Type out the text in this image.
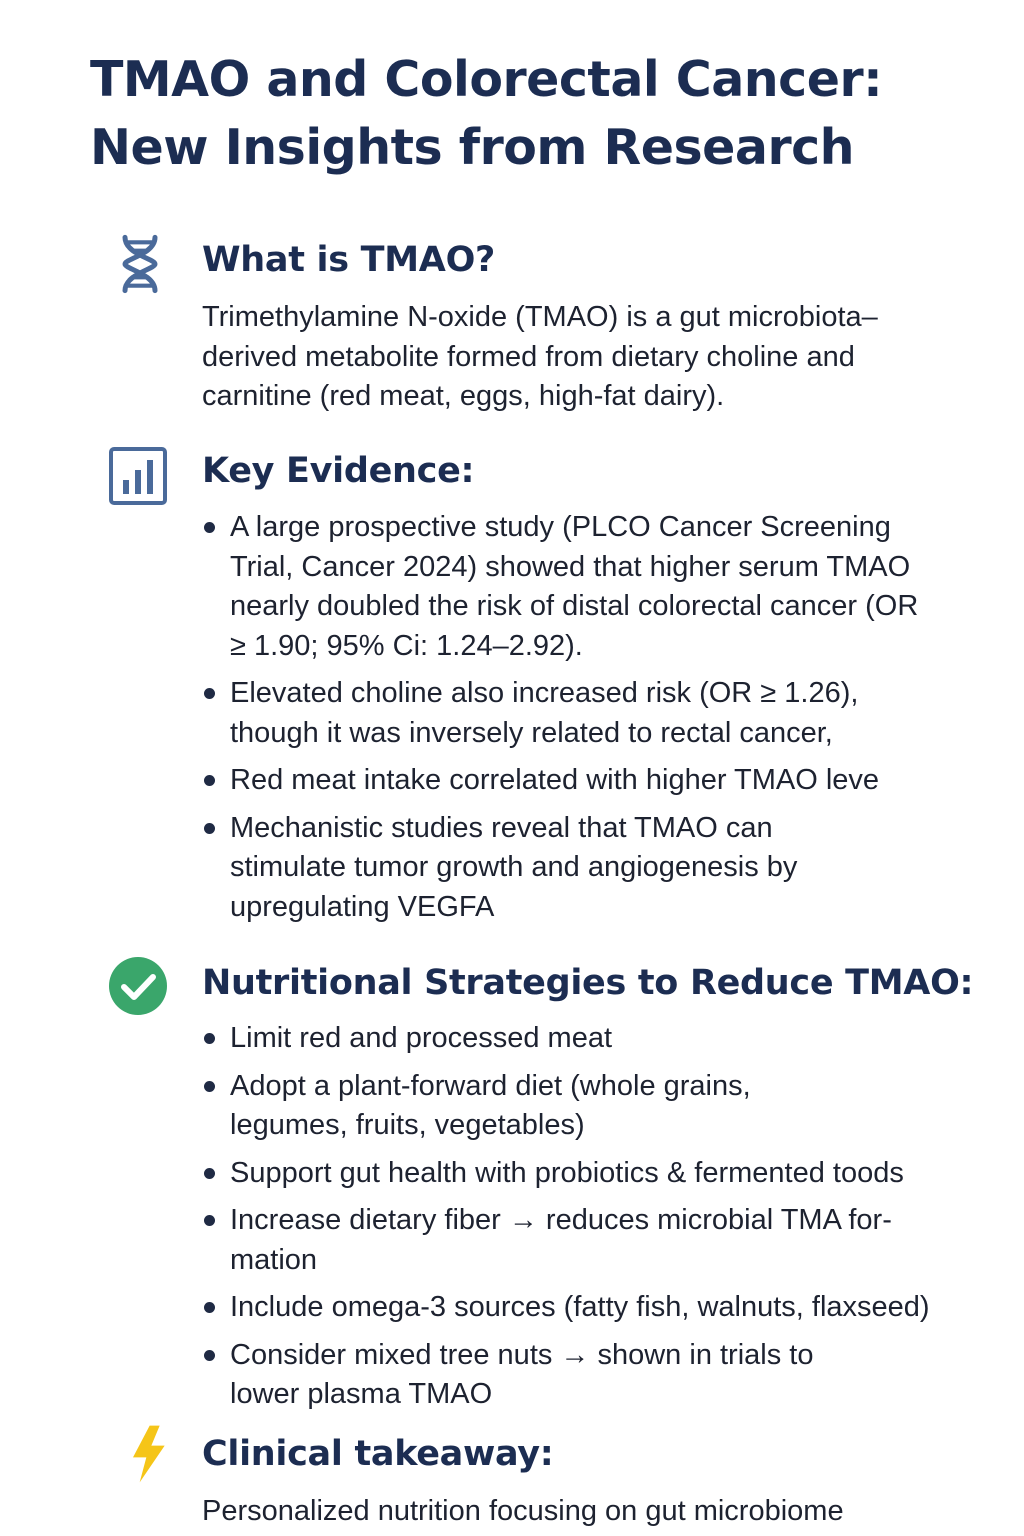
TMAO and Colorectal Cancer: New Insights from Research
What is TMAO?

Trimethylamine N-oxide (TMAO) is a gut microbiota–derived metabolite formed from dietary choline and carnitine (red meat, eggs, high-fat dairy).

Key Evidence:
A large prospective study (PLCO Cancer Screening Trial, Cancer 2024) showed that higher serum TMAO nearly doubled the risk of distal colorectal cancer (OR ≥ 1.90; 95% Ci: 1.24–2.92).
Elevated choline also increased risk (OR ≥ 1.26), though it was inversely related to rectal cancer,
Red meat intake correlated with higher TMAO leve
Mechanistic studies reveal that TMAO can stimulate tumor growth and angiogenesis by upregulating VEGFA
Nutritional Strategies to Reduce TMAO:
Limit red and processed meat
Adopt a plant-forward diet (whole grains, legumes, fruits, vegetables)
Support gut health with probiotics & fermented toods
Increase dietary fiber → reduces microbial TMA for-mation
Include omega-3 sources (fatty fish, walnuts, flaxseed)
Consider mixed tree nuts → shown in trials to lower plasma TMAO
Clinical takeaway:

Personalized nutrition focusing on gut microbiome
